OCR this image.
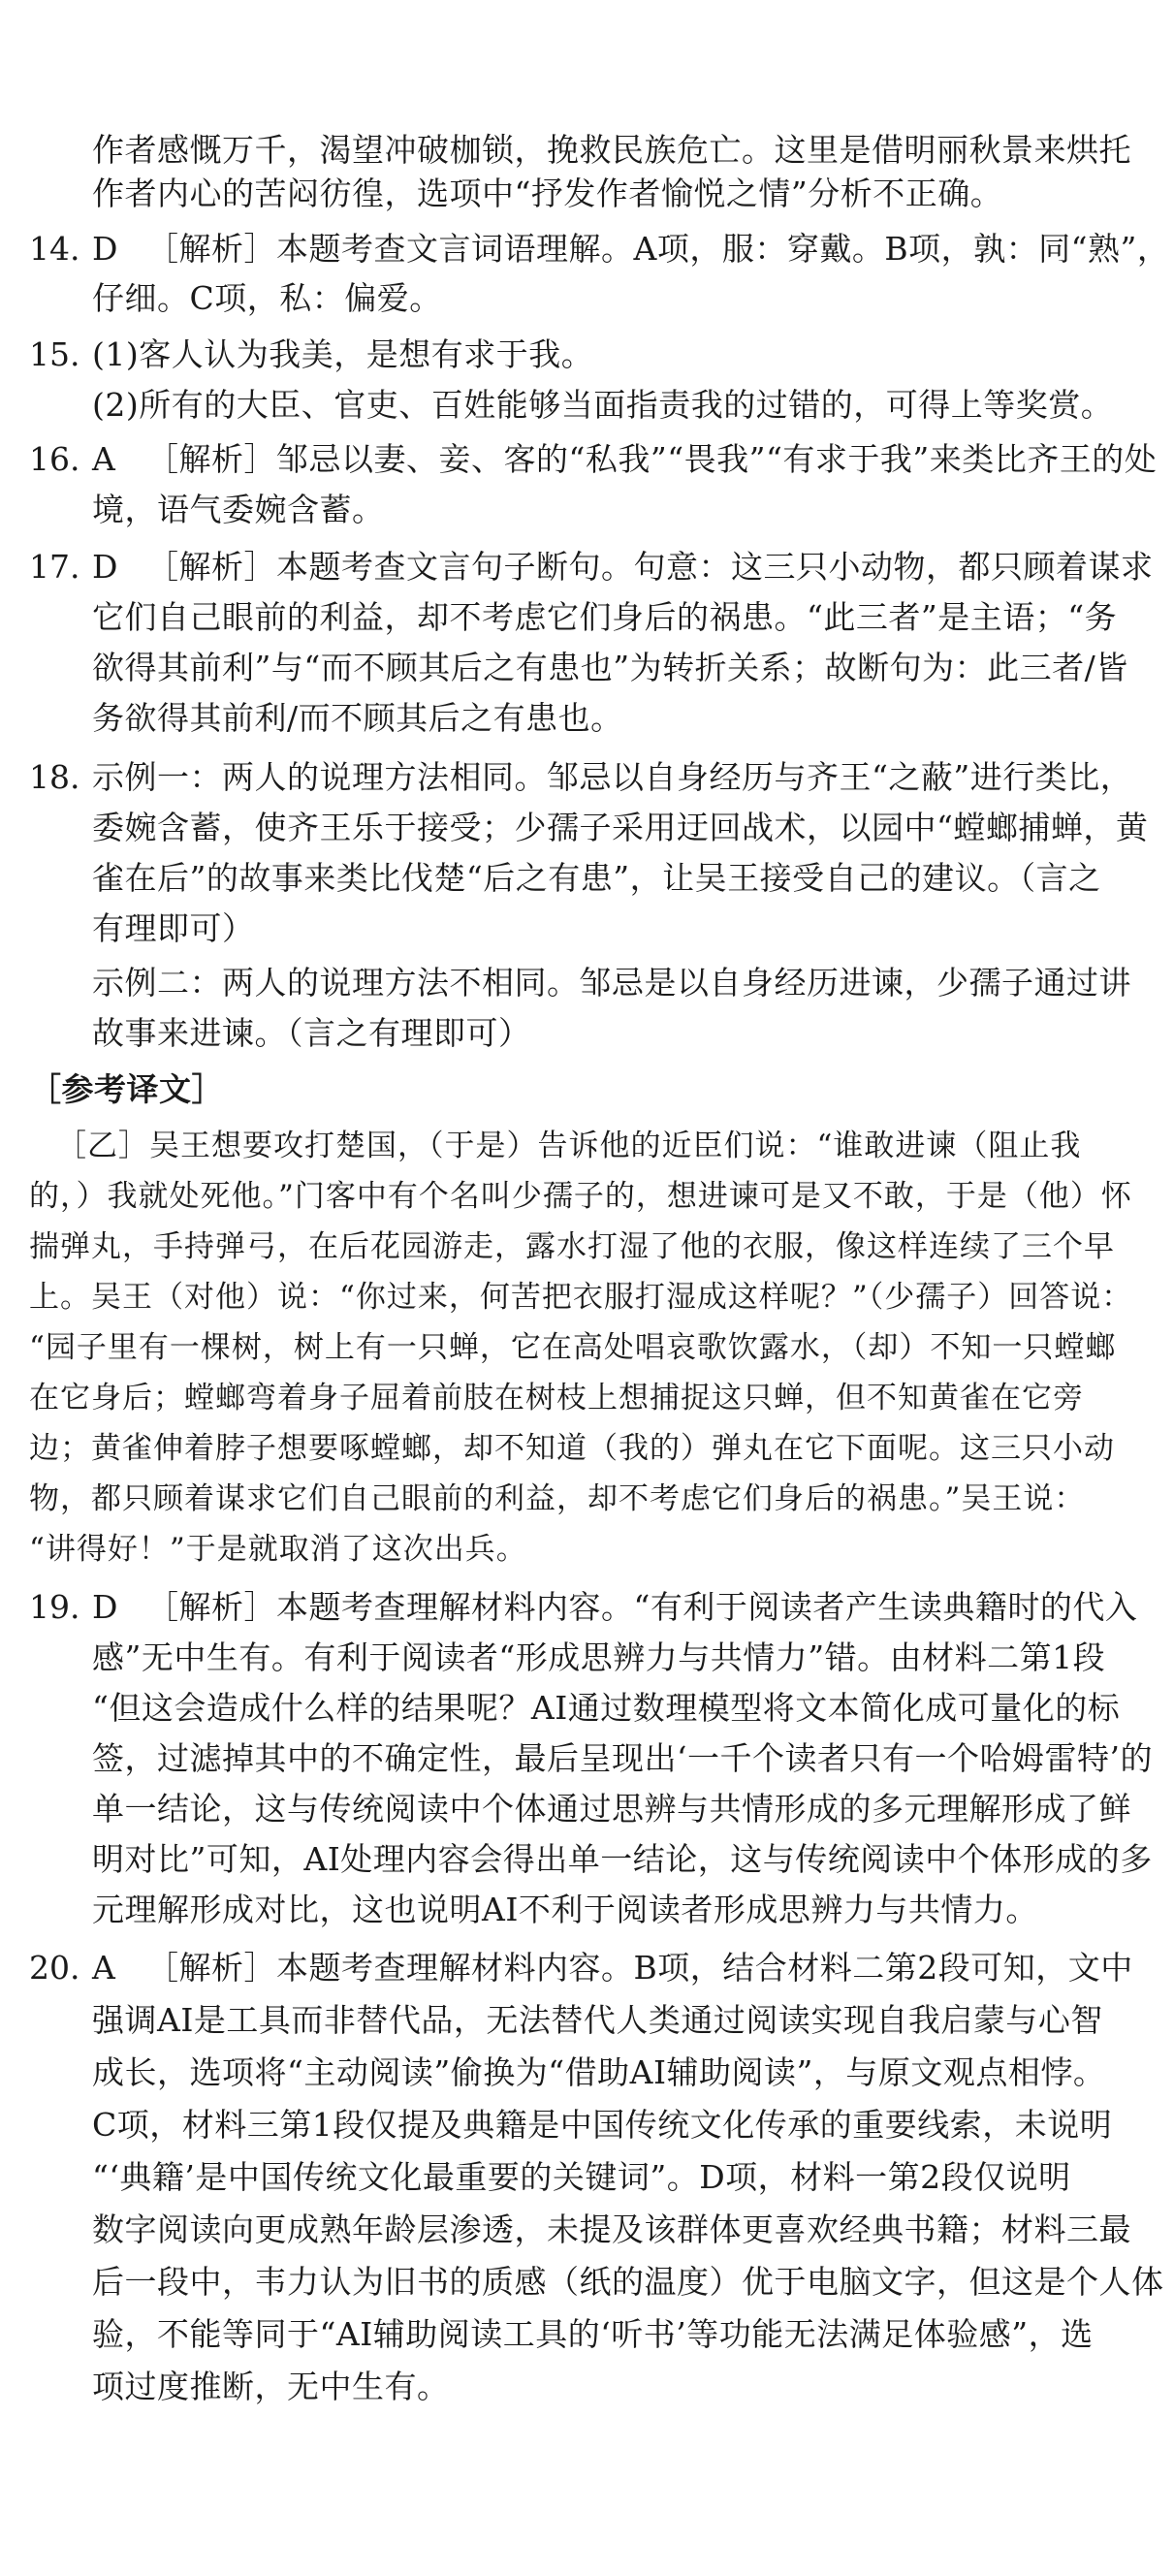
作者感慨万千，渴望冲破枷锁，挽救民族危亡。这里是借明丽秋景来烘托
作者内心的苦闷彷徨，选项中“抒发作者愉悦之情”分析不正确。
14. D ［解析］本题考查文言词语理解。A项，服：穿戴。B项，孰：同“熟”，
仔细。C项，私：偏爱。
15. (1)客人认为我美，是想有求于我。
(2)所有的大臣、官吏、百姓能够当面指责我的过错的，可得上等奖赏。
16. A ［解析］邹忌以妻、妾、客的“私我”“畏我”“有求于我”来类比齐王的处
境，语气委婉含蓄。
17. D ［解析］本题考查文言句子断句。句意：这三只小动物，都只顾着谋求
它们自己眼前的利益，却不考虑它们身后的祸患。“此三者”是主语；“务
欲得其前利”与“而不顾其后之有患也”为转折关系；故断句为：此三者/皆
务欲得其前利/而不顾其后之有患也。
18. 示例一：两人的说理方法相同。邹忌以自身经历与齐王“之蔽”进行类比，
委婉含蓄，使齐王乐于接受；少孺子采用迂回战术，以园中“螳螂捕蝉，黄
雀在后”的故事来类比伐楚“后之有患”，让吴王接受自己的建议。（言之
有理即可）
示例二：两人的说理方法不相同。邹忌是以自身经历进谏，少孺子通过讲
故事来进谏。（言之有理即可）
［参考译文］
［乙］吴王想要攻打楚国，（于是）告诉他的近臣们说：“谁敢进谏（阻止我
的，）我就处死他。”门客中有个名叫少孺子的，想进谏可是又不敢，于是（他）怀
揣弹丸，手持弹弓，在后花园游走，露水打湿了他的衣服，像这样连续了三个早
上。吴王（对他）说：“你过来，何苦把衣服打湿成这样呢？”（少孺子）回答说：
“园子里有一棵树，树上有一只蝉，它在高处唱哀歌饮露水，（却）不知一只螳螂
在它身后；螳螂弯着身子屈着前肢在树枝上想捕捉这只蝉，但不知黄雀在它旁
边；黄雀伸着脖子想要啄螳螂，却不知道（我的）弹丸在它下面呢。这三只小动
物，都只顾着谋求它们自己眼前的利益，却不考虑它们身后的祸患。”吴王说：
“讲得好！”于是就取消了这次出兵。
19. D ［解析］本题考查理解材料内容。“有利于阅读者产生读典籍时的代入
感”无中生有。有利于阅读者“形成思辨力与共情力”错。由材料二第1段
“但这会造成什么样的结果呢？AI通过数理模型将文本简化成可量化的标
签，过滤掉其中的不确定性，最后呈现出‘一千个读者只有一个哈姆雷特’的
单一结论，这与传统阅读中个体通过思辨与共情形成的多元理解形成了鲜
明对比”可知，AI处理内容会得出单一结论，这与传统阅读中个体形成的多
元理解形成对比，这也说明AI不利于阅读者形成思辨力与共情力。
20. A ［解析］本题考查理解材料内容。B项，结合材料二第2段可知，文中
强调AI是工具而非替代品，无法替代人类通过阅读实现自我启蒙与心智
成长，选项将“主动阅读”偷换为“借助AI辅助阅读”，与原文观点相悖。
C项，材料三第1段仅提及典籍是中国传统文化传承的重要线索，未说明
“‘典籍’是中国传统文化最重要的关键词”。D项，材料一第2段仅说明
数字阅读向更成熟年龄层渗透，未提及该群体更喜欢经典书籍；材料三最
后一段中，韦力认为旧书的质感（纸的温度）优于电脑文字，但这是个人体
验，不能等同于“AI辅助阅读工具的‘听书’等功能无法满足体验感”，选
项过度推断，无中生有。
